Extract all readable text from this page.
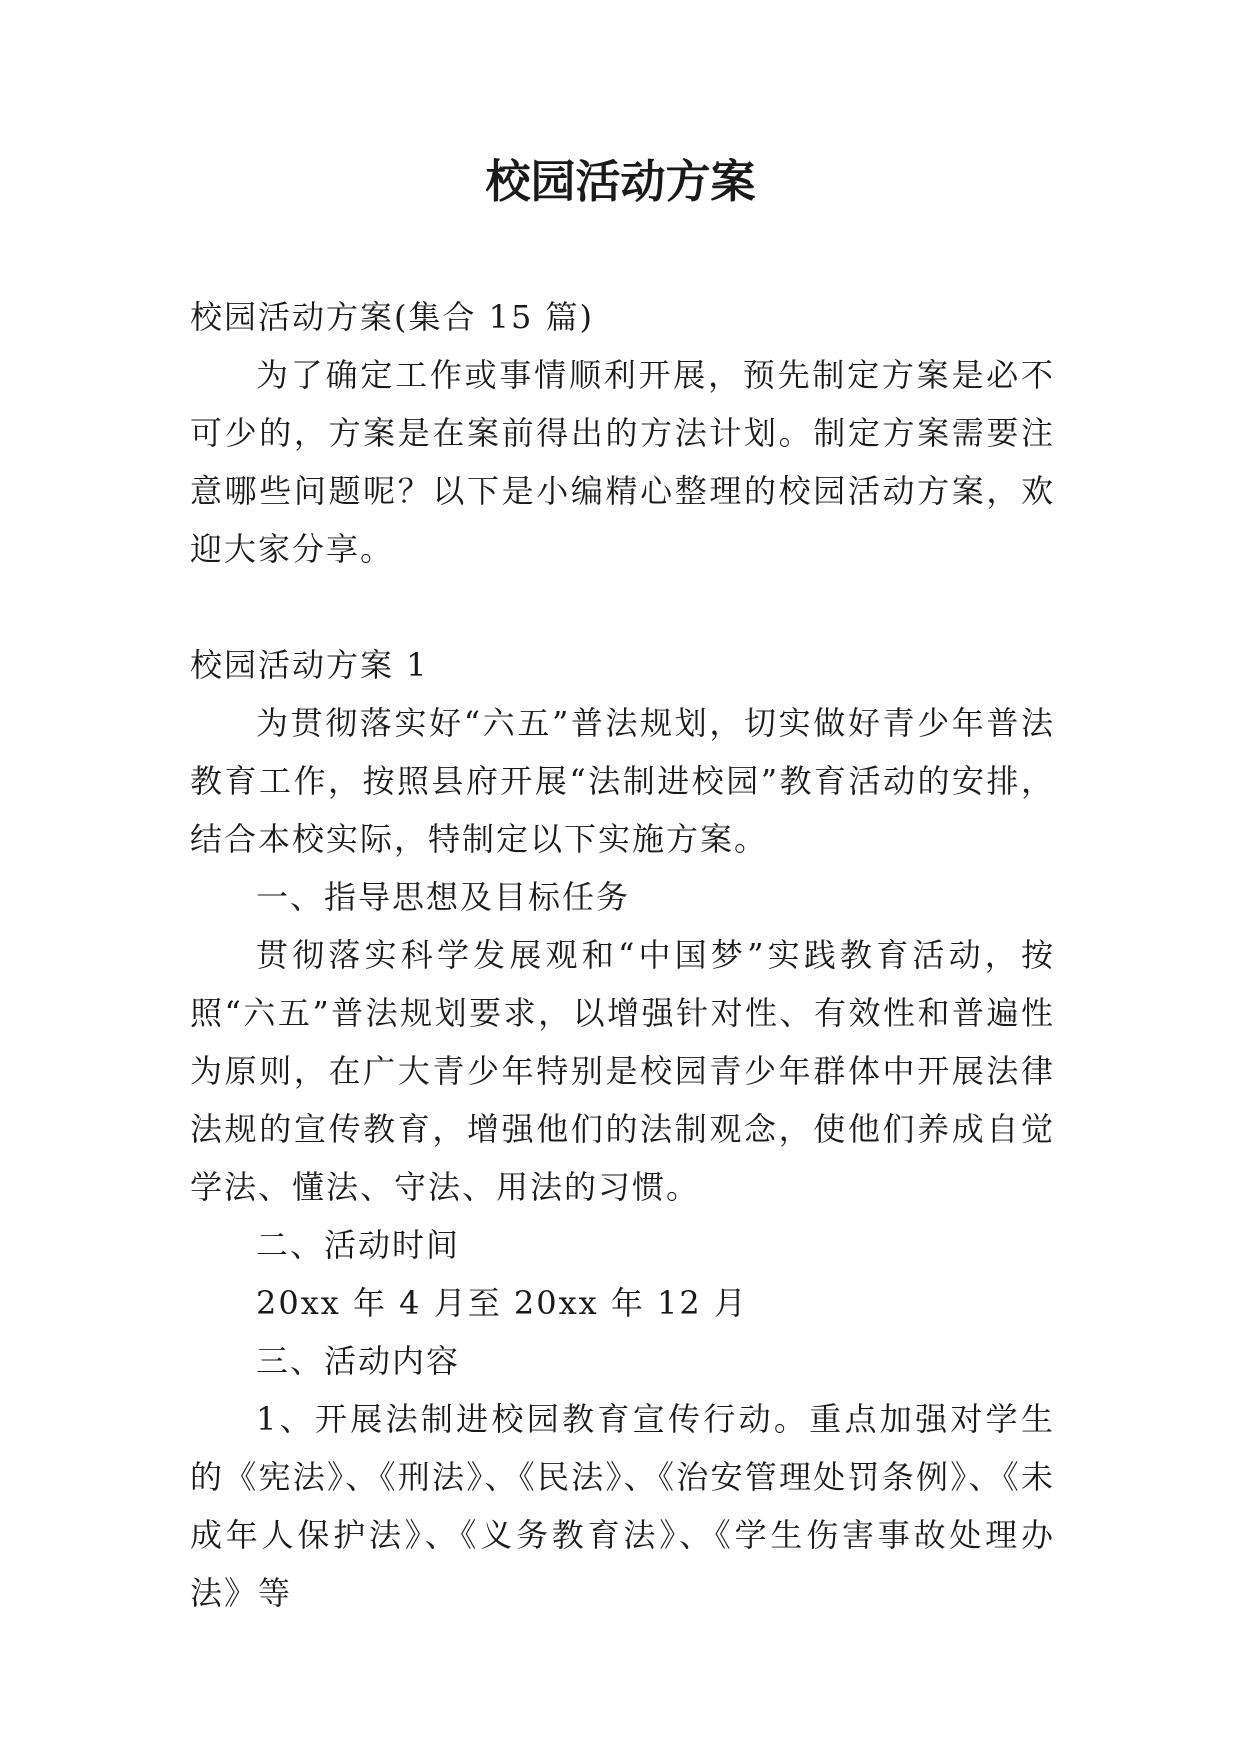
校园活动方案

校园活动方案(集合 15 篇)

为了确定工作或事情顺利开展，预先制定方案是必不可少的，方案是在案前得出的方法计划。制定方案需要注意哪些问题呢？以下是小编精心整理的校园活动方案，欢迎大家分享。

校园活动方案 1

为贯彻落实好“六五”普法规划，切实做好青少年普法教育工作，按照县府开展“法制进校园”教育活动的安排，结合本校实际，特制定以下实施方案。

一、指导思想及目标任务

贯彻落实科学发展观和“中国梦”实践教育活动，按照“六五”普法规划要求，以增强针对性、有效性和普遍性为原则，在广大青少年特别是校园青少年群体中开展法律法规的宣传教育，增强他们的法制观念，使他们养成自觉学法、懂法、守法、用法的习惯。

二、活动时间

20xx 年 4 月至 20xx 年 12 月

三、活动内容

1、开展法制进校园教育宣传行动。重点加强对学生的《宪法》、《刑法》、《民法》、《治安管理处罚条例》、《未成年人保护法》、《义务教育法》、《学生伤害事故处理办法》等
